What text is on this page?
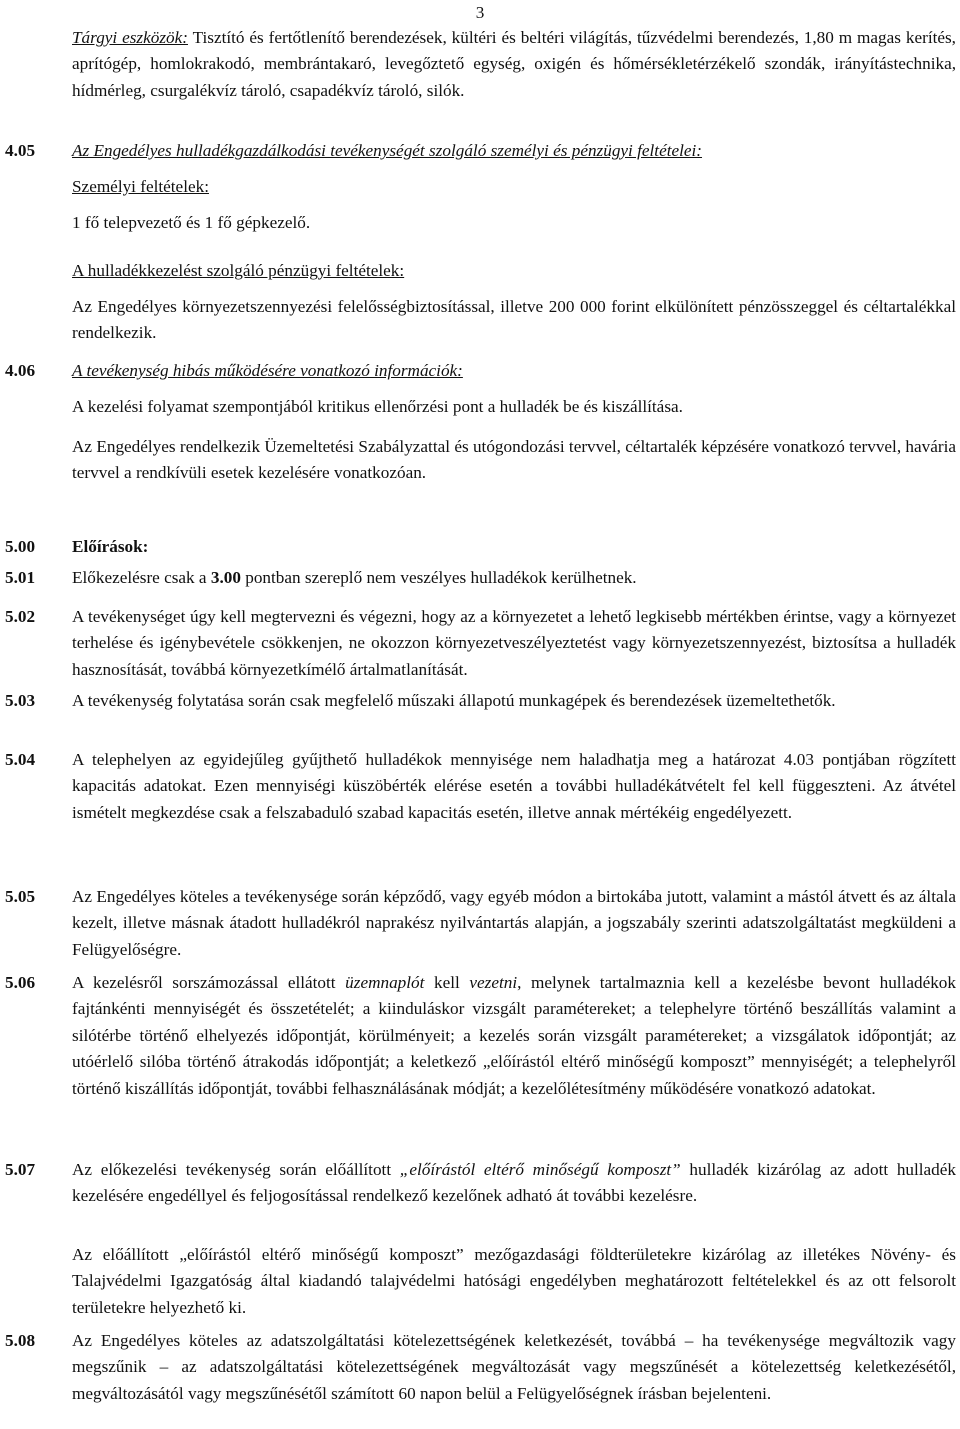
3
Tárgyi eszközök: Tisztító és fertőtlenítő berendezések, kültéri és beltéri világítás, tűzvédelmi berendezés, 1,80 m magas kerítés, aprítógép, homlokrakodó, membrántakaró, levegőztető egység, oxigén és hőmérsékletérzékelő szondák, irányítástechnika, hídmérleg, csurgalékvíz tároló, csapadékvíz tároló, silók.
4.05 Az Engedélyes hulladékgazdálkodási tevékenységét szolgáló személyi és pénzügyi feltételei:
Személyi feltételek:
1 fő telepvezető és 1 fő gépkezelő.
A hulladékkezelést szolgáló pénzügyi feltételek:
Az Engedélyes környezetszennyezési felelősségbiztosítással, illetve 200 000 forint elkülönített pénzösszeggel és céltartalékkal rendelkezik.
4.06 A tevékenység hibás működésére vonatkozó információk:
A kezelési folyamat szempontjából kritikus ellenőrzési pont a hulladék be és kiszállítása.
Az Engedélyes rendelkezik Üzemeltetési Szabályzattal és utógondozási tervvel, céltartalék képzésére vonatkozó tervvel, havária tervvel a rendkívüli esetek kezelésére vonatkozóan.
5.00 Előírások:
5.01 Előkezelésre csak a 3.00 pontban szereplő nem veszélyes hulladékok kerülhetnek.
5.02 A tevékenységet úgy kell megtervezni és végezni, hogy az a környezetet a lehető legkisebb mértékben érintse, vagy a környezet terhelése és igénybevétele csökkenjen, ne okozzon környezetveszélyeztetést vagy környezetszennyezést, biztosítsa a hulladék hasznosítását, továbbá környezetkímélő ártalmatlanítását.
5.03 A tevékenység folytatása során csak megfelelő műszaki állapotú munkagépek és berendezések üzemeltethetők.
5.04 A telephelyen az egyidejűleg gyűjthető hulladékok mennyisége nem haladhatja meg a határozat 4.03 pontjában rögzített kapacitás adatokat. Ezen mennyiségi küszöbérték elérése esetén a további hulladékátvételt fel kell függeszteni. Az átvétel ismételt megkezdése csak a felszabaduló szabad kapacitás esetén, illetve annak mértékéig engedélyezett.
5.05 Az Engedélyes köteles a tevékenysége során képződő, vagy egyéb módon a birtokába jutott, valamint a mástól átvett és az általa kezelt, illetve másnak átadott hulladékról naprakész nyilvántartás alapján, a jogszabály szerinti adatszolgáltatást megküldeni a Felügyelőségre.
5.06 A kezelésről sorszámozással ellátott üzemnaplót kell vezetni, melynek tartalmaznia kell a kezelésbe bevont hulladékok fajtánkénti mennyiségét és összetételét; a kiinduláskor vizsgált paramétereket; a telephelyre történő beszállítás valamint a silótérbe történő elhelyezés időpontját, körülményeit; a kezelés során vizsgált paramétereket; a vizsgálatok időpontját; az utóérlelő silóba történő átrakodás időpontját; a keletkező „előírástól eltérő minőségű komposzt” mennyiségét; a telephelyről történő kiszállítás időpontját, további felhasználásának módját; a kezelőlétesítmény működésére vonatkozó adatokat.
5.07 Az előkezelési tevékenység során előállított „előírástól eltérő minőségű komposzt” hulladék kizárólag az adott hulladék kezelésére engedéllyel és feljogosítással rendelkező kezelőnek adható át további kezelésre.
Az előállított „előírástól eltérő minőségű komposzt” mezőgazdasági földterületekre kizárólag az illetékes Növény- és Talajvédelmi Igazgatóság által kiadandó talajvédelmi hatósági engedélyben meghatározott feltételekkel és az ott felsorolt területekre helyezhető ki.
5.08 Az Engedélyes köteles az adatszolgáltatási kötelezettségének keletkezését, továbbá – ha tevékenysége megváltozik vagy megszűnik – az adatszolgáltatási kötelezettségének megváltozását vagy megszűnését a kötelezettség keletkezésétől, megváltozásától vagy megszűnésétől számított 60 napon belül a Felügyelőségnek írásban bejelenteni.
